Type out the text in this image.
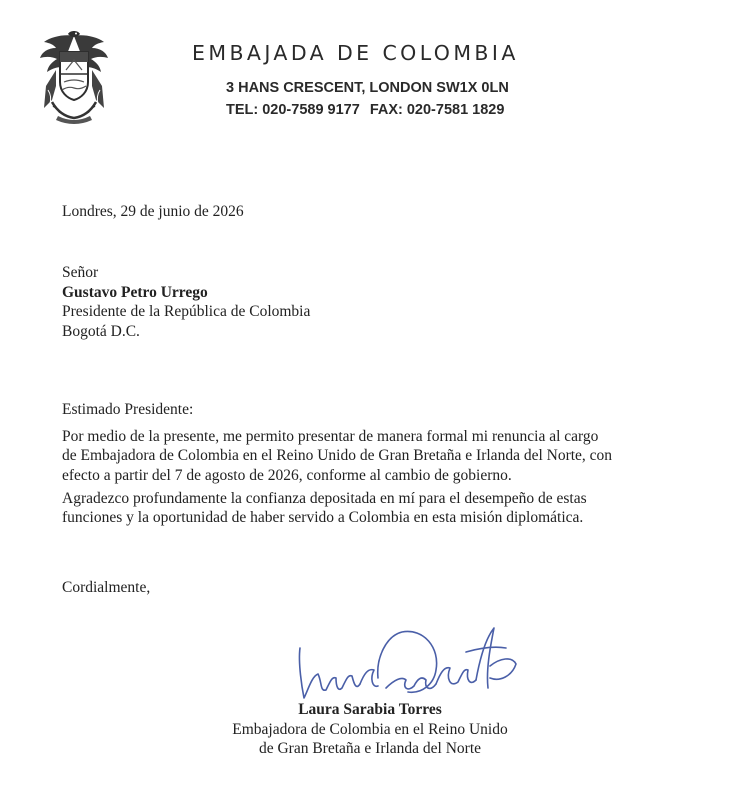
EMBAJADA DE COLOMBIA
3 HANS CRESCENT, LONDON SW1X 0LN
TEL: 020-7589 9177 FAX: 020-7581 1829
Londres, 29 de junio de 2026
Señor
Gustavo Petro Urrego
Presidente de la República de Colombia
Bogotá D.C.
Estimado Presidente:
Por medio de la presente, me permito presentar de manera formal mi renuncia al cargo
de Embajadora de Colombia en el Reino Unido de Gran Bretaña e Irlanda del Norte, con
efecto a partir del 7 de agosto de 2026, conforme al cambio de gobierno.
Agradezco profundamente la confianza depositada en mí para el desempeño de estas
funciones y la oportunidad de haber servido a Colombia en esta misión diplomática.
Cordialmente,
Laura Sarabia Torres
Embajadora de Colombia en el Reino Unido
de Gran Bretaña e Irlanda del Norte
